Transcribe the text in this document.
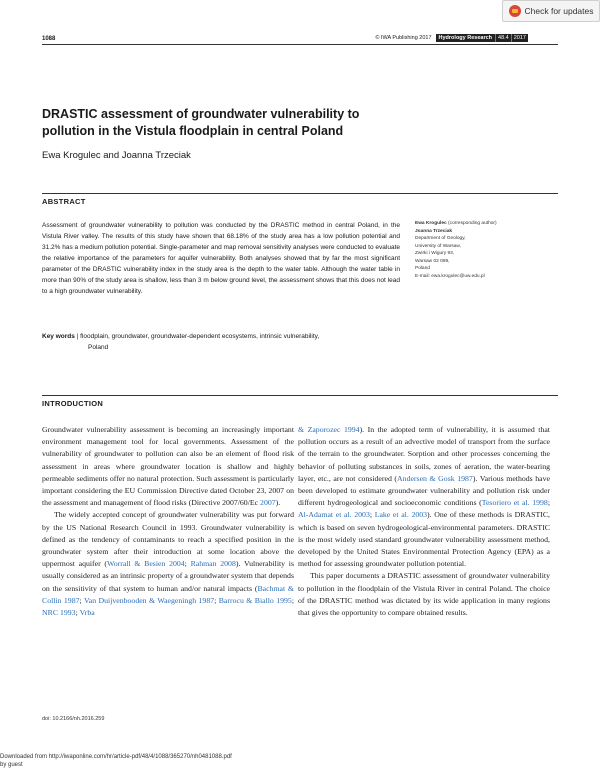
1088	© IWA Publishing 2017	Hydrology Research	48.4 2017
Check for updates
DRASTIC assessment of groundwater vulnerability to pollution in the Vistula floodplain in central Poland
Ewa Krogulec and Joanna Trzeciak
ABSTRACT
Assessment of groundwater vulnerability to pollution was conducted by the DRASTIC method in central Poland, in the Vistula River valley. The results of this study have shown that 68.18% of the study area has a low pollution potential and 31.2% has a medium pollution potential. Single-parameter and map removal sensitivity analyses were conducted to evaluate the relative importance of the parameters for aquifer vulnerability. Both analyses showed that by far the most significant parameter of the DRASTIC vulnerability index in the study area is the depth to the water table. Although the water table in more than 90% of the study area is shallow, less than 3 m below ground level, the assessment shows that this does not lead to a high groundwater vulnerability.
Key words | floodplain, groundwater, groundwater-dependent ecosystems, intrinsic vulnerability,
Poland
Ewa Krogulec (corresponding author)
Joanna Trzeciak
Department of Geology,
University of Warsaw,
Zwirki i Wigury 93,
Warsaw 02 089,
Poland
E-mail: ewa.krogulec@uw.edu.pl
INTRODUCTION

Groundwater vulnerability assessment is becoming an increasingly important environment management tool for local governments. Assessment of the vulnerability of groundwater to pollution can also be an element of flood risk assessment in areas where groundwater location is shallow and highly permeable sediments offer no natural protection. Such assessment is particularly important considering the EU Commission Directive dated October 23, 2007 on the assessment and management of flood risks (Directive 2007/60/Ec 2007).

The widely accepted concept of groundwater vulnerability was put forward by the US National Research Council in 1993. Groundwater vulnerability is defined as the tendency of contaminants to reach a specified position in the groundwater system after their introduction at some location above the uppermost aquifer (Worrall & Besien 2004; Rahman 2008). Vulnerability is usually considered as an intrinsic property of a groundwater system that depends on the sensitivity of that system to human and/or natural impacts (Bachmat & Collin 1987; Van Duijvenbooden & Waegeningh 1987; Barrocu & Biallo 1995; NRC 1993; Vrba

& Zaporozec 1994). In the adopted term of vulnerability, it is assumed that pollution occurs as a result of an advective model of transport from the surface of the terrain to the groundwater. Sorption and other processes concerning the behavior of polluting substances in soils, zones of aeration, the water-bearing layer, etc., are not considered (Andersen & Gosk 1987). Various methods have been developed to estimate groundwater vulnerability and pollution risk under different hydrogeological and socioeconomic conditions (Tesoriero et al. 1998; Al-Adamat et al. 2003; Lake et al. 2003). One of these methods is DRASTIC, which is based on seven hydrogeological-environmental parameters. DRASTIC is the most widely used standard groundwater vulnerability assessment method, developed by the United States Environmental Protection Agency (EPA) as a method for assessing groundwater pollution potential.

This paper documents a DRASTIC assessment of groundwater vulnerability to pollution in the floodplain of the Vistula River in central Poland. The choice of the DRASTIC method was dictated by its wide application in many regions that gives the opportunity to compare obtained results.

doi: 10.2166/nh.2016.259
Downloaded from http://iwaponline.com/hr/article-pdf/48/4/1088/365270/nh0481088.pdf
by guest
